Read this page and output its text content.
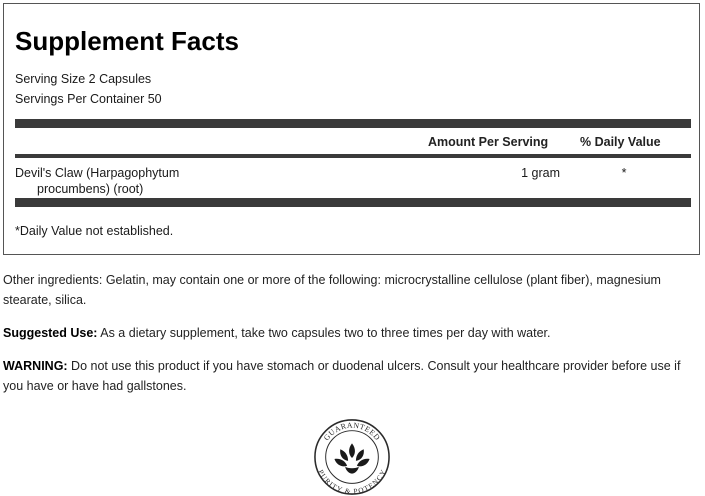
Supplement Facts
Serving Size 2 Capsules
Servings Per Container 50
Amount Per Serving	% Daily Value
Devil's Claw (Harpagophytum
procumbens) (root)
1 gram	*
*Daily Value not established.

Other ingredients: Gelatin, may contain one or more of the following: microcrystalline cellulose (plant fiber), magnesium stearate, silica.

Suggested Use: As a dietary supplement, take two capsules two to three times per day with water.

WARNING: Do not use this product if you have stomach or duodenal ulcers. Consult your healthcare provider before use if you have or have had gallstones.

GUARANTEED
PURITY & POTENCY
